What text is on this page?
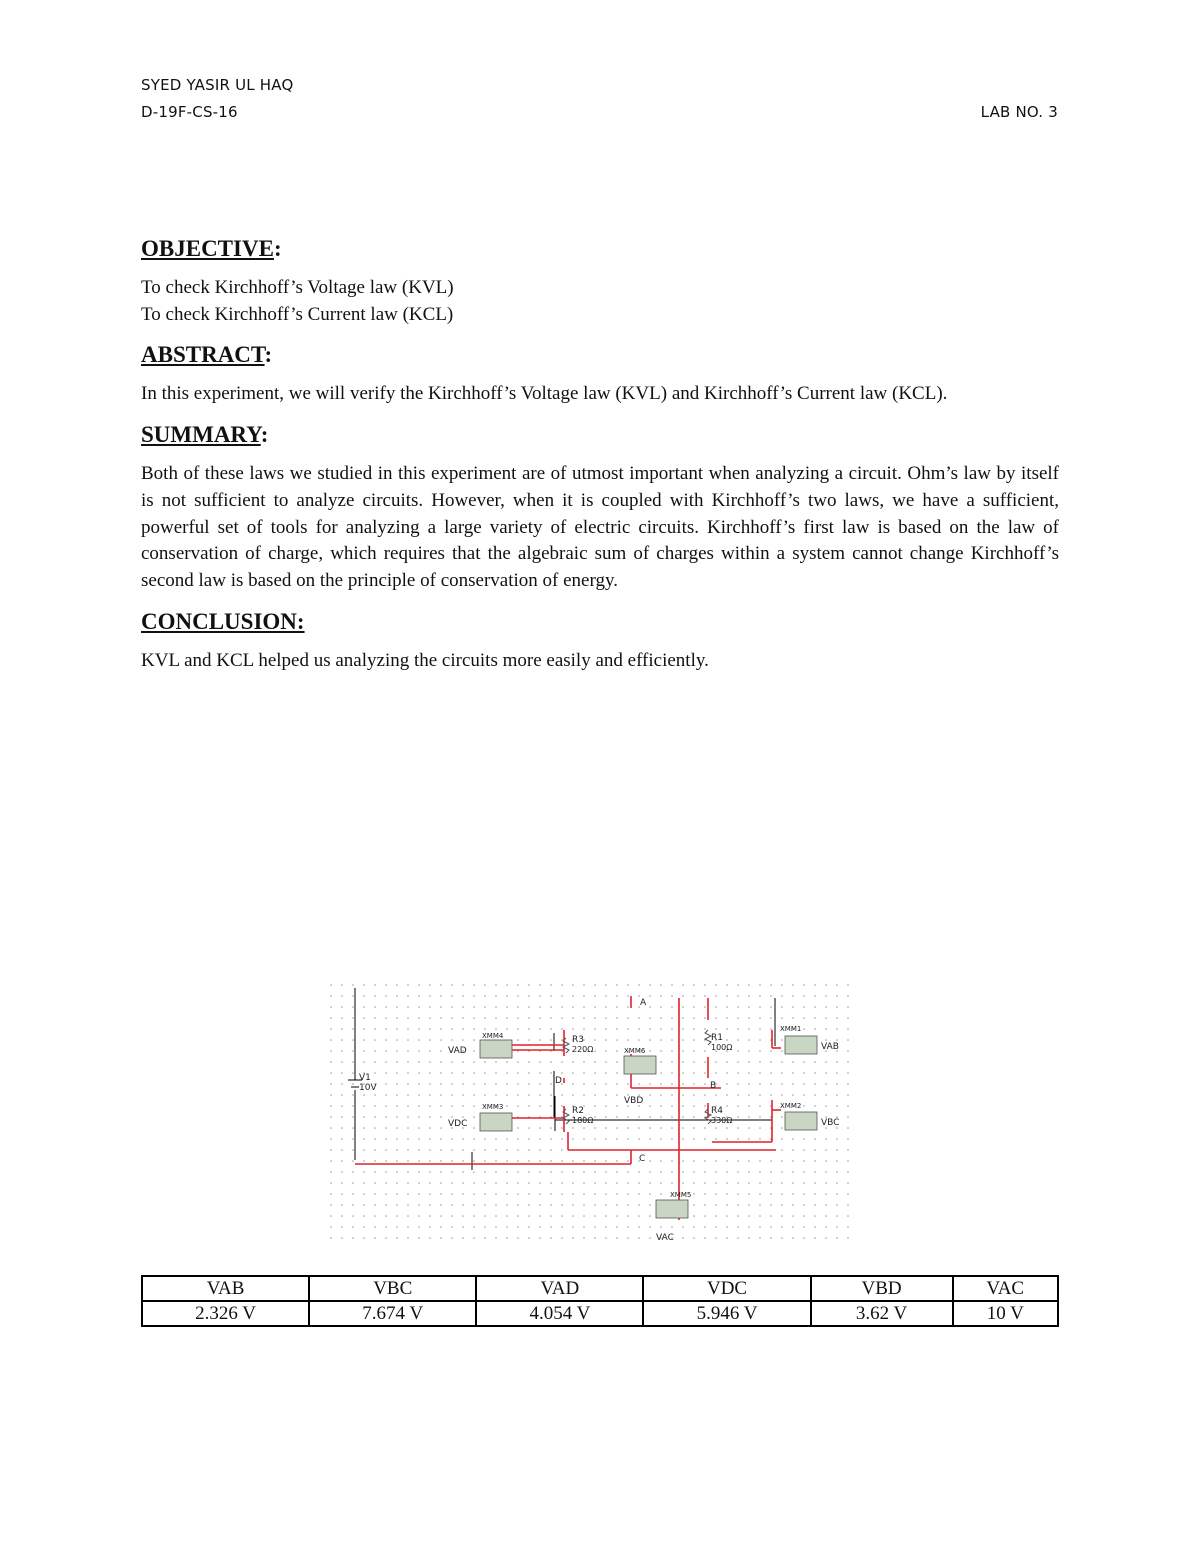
SYED YASIR UL HAQ
D-19F-CS-16	LAB NO. 3
OBJECTIVE:

To check Kirchhoff’s Voltage law (KVL)

To check Kirchhoff’s Current law (KCL)

ABSTRACT:

In this experiment, we will verify the Kirchhoff’s Voltage law (KVL) and Kirchhoff’s Current law (KCL).

SUMMARY:

Both of these laws we studied in this experiment are of utmost important when analyzing a circuit. Ohm’s law by itself is not sufficient to analyze circuits. However, when it is coupled with Kirchhoff’s two laws, we have a sufficient, powerful set of tools for analyzing a large variety of electric circuits. Kirchhoff’s first law is based on the law of conservation of charge, which requires that the algebraic sum of charges within a system cannot change Kirchhoff’s second law is based on the principle of conservation of energy.

CONCLUSION:

KVL and KCL helped us analyzing the circuits more easily and efficiently.

V1
10V
XMM4
VAD
XMM3
VDC
XMM1
VAB
XMM2
VBC
XMM6
VBD
XMM5
VAC
R3
220Ω
R2
180Ω
R1
100Ω
R4
330Ω
A
B
D
C
VAB	VBC	VAD	VDC	VBD	VAC
2.326 V	7.674 V	4.054 V	5.946 V	3.62 V	10 V
